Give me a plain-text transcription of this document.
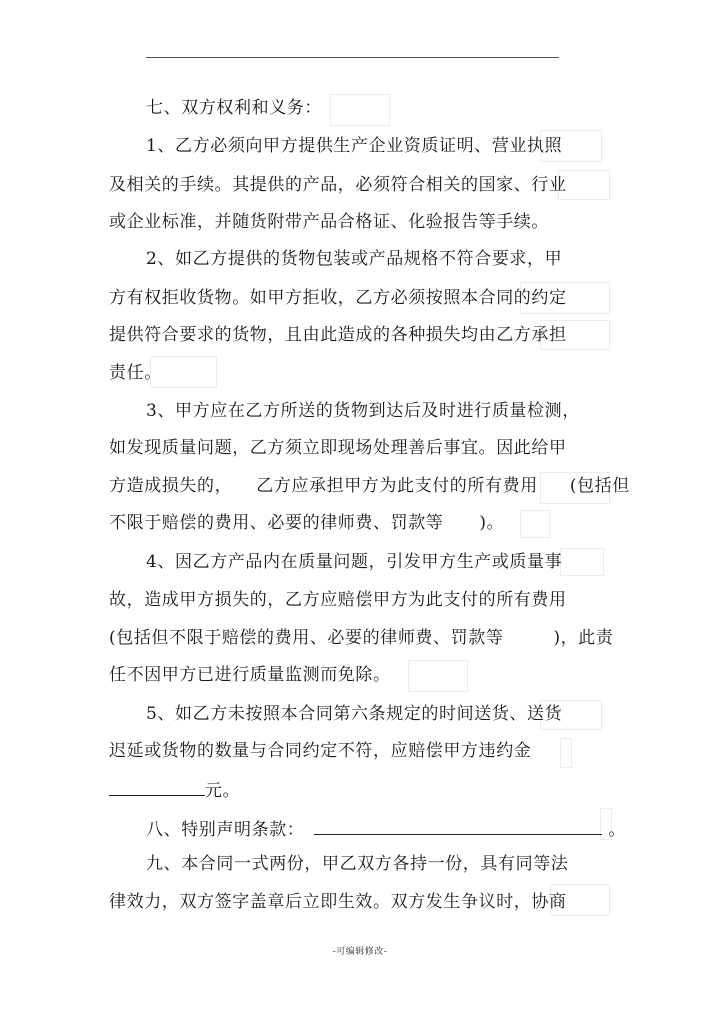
七、双方权利和义务：
1、乙方必须向甲方提供生产企业资质证明、营业执照
及相关的手续。其提供的产品，必须符合相关的国家、行业
或企业标准，并随货附带产品合格证、化验报告等手续。
2、如乙方提供的货物包装或产品规格不符合要求，甲
方有权拒收货物。如甲方拒收，乙方必须按照本合同的约定
提供符合要求的货物，且由此造成的各种损失均由乙方承担
责任。
3、甲方应在乙方所送的货物到达后及时进行质量检测，
如发现质量问题，乙方须立即现场处理善后事宜。因此给甲
方造成损失的， 乙方应承担甲方为此支付的所有费用 (包括但
不限于赔偿的费用、必要的律师费、罚款等 )。
4、因乙方产品内在质量问题，引发甲方生产或质量事
故，造成甲方损失的，乙方应赔偿甲方为此支付的所有费用
(包括但不限于赔偿的费用、必要的律师费、罚款等	)，此责
任不因甲方已进行质量监测而免除。
5、如乙方未按照本合同第六条规定的时间送货、送货
迟延或货物的数量与合同约定不符，应赔偿甲方违约金
元。
八、特别声明条款：	。
九、本合同一式两份，甲乙双方各持一份，具有同等法
律效力，双方签字盖章后立即生效。双方发生争议时，协商
-可编辑修改-
